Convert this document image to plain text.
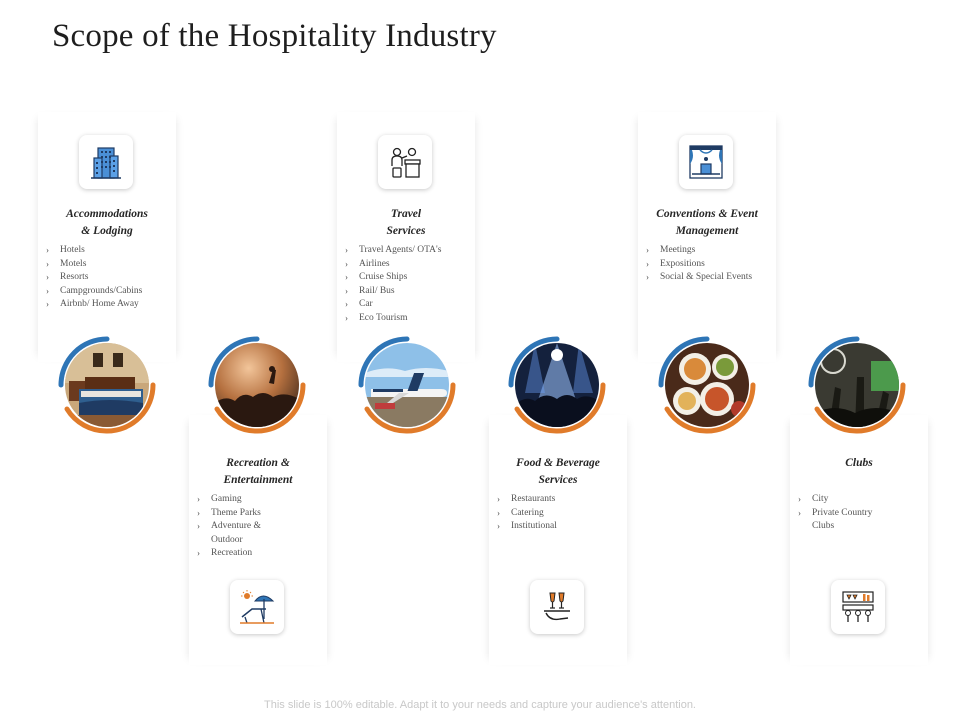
Scope of the Hospitality Industry
Accommodations
& Lodging
› Hotels
› Motels
› Resorts
› Campgrounds/Cabins
› Airbnb/ Home Away
Travel
Services
› Travel Agents/ OTA's
› Airlines
› Cruise Ships
› Rail/ Bus
› Car
› Eco Tourism
Conventions & Event
Management
› Meetings
› Expositions
› Social & Special Events
Recreation &
Entertainment
› Gaming
› Theme Parks
› Adventure &
Outdoor
› Recreation
Food & Beverage
Services
› Restaurants
› Catering
› Institutional
Clubs
› City
› Private Country
Clubs
This slide is 100% editable. Adapt it to your needs and capture your audience's attention.
